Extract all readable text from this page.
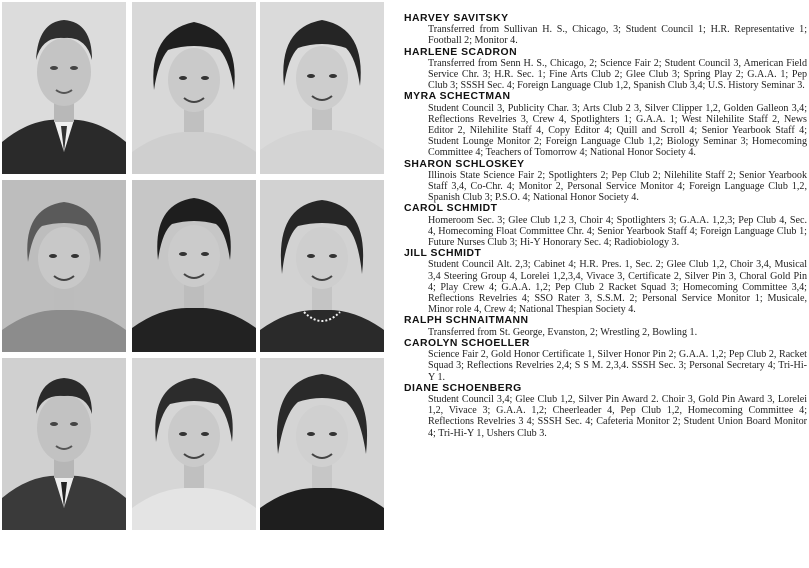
HARVEY SAVITSKY
Transferred from Sullivan H. S., Chicago, 3; Student Council 1; H.R. Representative 1; Football 2; Monitor 4.
HARLENE SCADRON
Transferred from Senn H. S., Chicago, 2; Science Fair 2; Student Council 3, American Field Service Chr. 3; H.R. Sec. 1; Fine Arts Club 2; Glee Club 3; Spring Play 2; G.A.A. 1; Pep Club 3; SSSH Sec. 4; Foreign Language Club 1,2, Spanish Club 3,4; U.S. History Seminar 3.
MYRA SCHECTMAN
Student Council 3, Publicity Char. 3; Arts Club 2 3, Silver Clipper 1,2, Golden Galleon 3,4; Reflections Revelries 3, Crew 4, Spotlighters 1; G.A.A. 1; West Nilehilite Staff 2, News Editor 2, Nilehilite Staff 4, Copy Editor 4; Quill and Scroll 4; Senior Yearbook Staff 4; Student Lounge Monitor 2; Foreign Language Club 1,2; Biology Seminar 3; Homecoming Committee 4; Teachers of Tomorrow 4; National Honor Society 4.
SHARON SCHLOSKEY
Illinois State Science Fair 2; Spotlighters 2; Pep Club 2; Nilehilite Staff 2; Senior Yearbook Staff 3,4, Co-Chr. 4; Monitor 2, Personal Service Monitor 4; Foreign Language Club 1,2, Spanish Club 3; P.S.O. 4; National Honor Society 4.
CAROL SCHMIDT
Homeroom Sec. 3; Glee Club 1,2 3, Choir 4; Spotlighters 3; G.A.A. 1,2,3; Pep Club 4, Sec. 4, Homecoming Float Committee Chr. 4; Senior Yearbook Staff 4; Foreign Language Club 1; Future Nurses Club 3; Hi-Y Honorary Sec. 4; Radiobiology 3.
JILL SCHMIDT
Student Council Alt. 2,3; Cabinet 4; H.R. Pres. 1, Sec. 2; Glee Club 1,2, Choir 3,4, Musical 3,4 Steering Group 4, Lorelei 1,2,3,4, Vivace 3, Certificate 2, Silver Pin 3, Choral Gold Pin 4; Play Crew 4; G.A.A. 1,2; Pep Club 2 Racket Squad 3; Homecoming Committee 3,4; Reflections Revelries 4; SSO Rater 3, S.S.M. 2; Personal Service Monitor 1; Musicale, Minor role 4, Crew 4; National Thespian Society 4.
RALPH SCHNAITMANN
Transferred from St. George, Evanston, 2; Wrestling 2, Bowling 1.
CAROLYN SCHOELLER
Science Fair 2, Gold Honor Certificate 1, Silver Honor Pin 2; G.A.A. 1,2; Pep Club 2, Racket Squad 3; Reflections Revelries 2,4; S S M. 2,3,4. SSSH Sec. 3; Personal Secretary 4; Tri-Hi-Y 1.
DIANE SCHOENBERG
Student Council 3,4; Glee Club 1,2, Silver Pin Award 2. Choir 3, Gold Pin Award 3, Lorelei 1,2, Vivace 3; G.A.A. 1,2; Cheerleader 4, Pep Club 1,2, Homecoming Committee 4; Reflections Revelries 3 4; SSSH Sec. 4; Cafeteria Monitor 2; Student Union Board Monitor 4; Tri-Hi-Y 1, Ushers Club 3.
